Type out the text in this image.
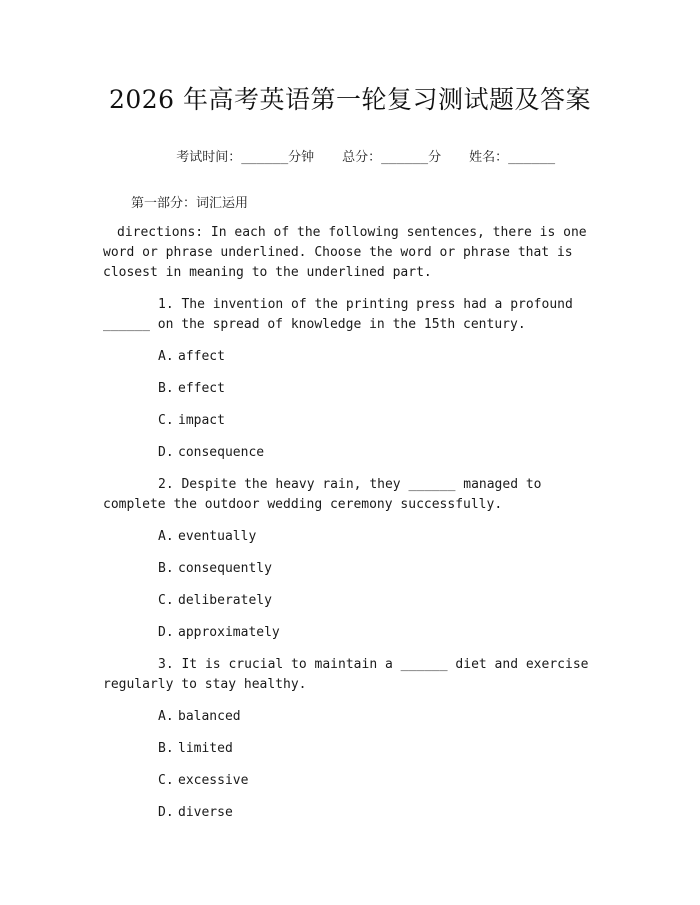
2026 年高考英语第一轮复习测试题及答案

考试时间：______分钟 总分：______分 姓名：______

第一部分：词汇运用
directions: In each of the following sentences, there is one word or phrase underlined. Choose the word or phrase that is closest in meaning to the underlined part.
1. The invention of the printing press had a profound ______ on the spread of knowledge in the 15th century.
A. affect
B. effect
C. impact
D. consequence
2. Despite the heavy rain, they ______ managed to complete the outdoor wedding ceremony successfully.
A. eventually
B. consequently
C. deliberately
D. approximately
3. It is crucial to maintain a ______ diet and exercise regularly to stay healthy.
A. balanced
B. limited
C. excessive
D. diverse
